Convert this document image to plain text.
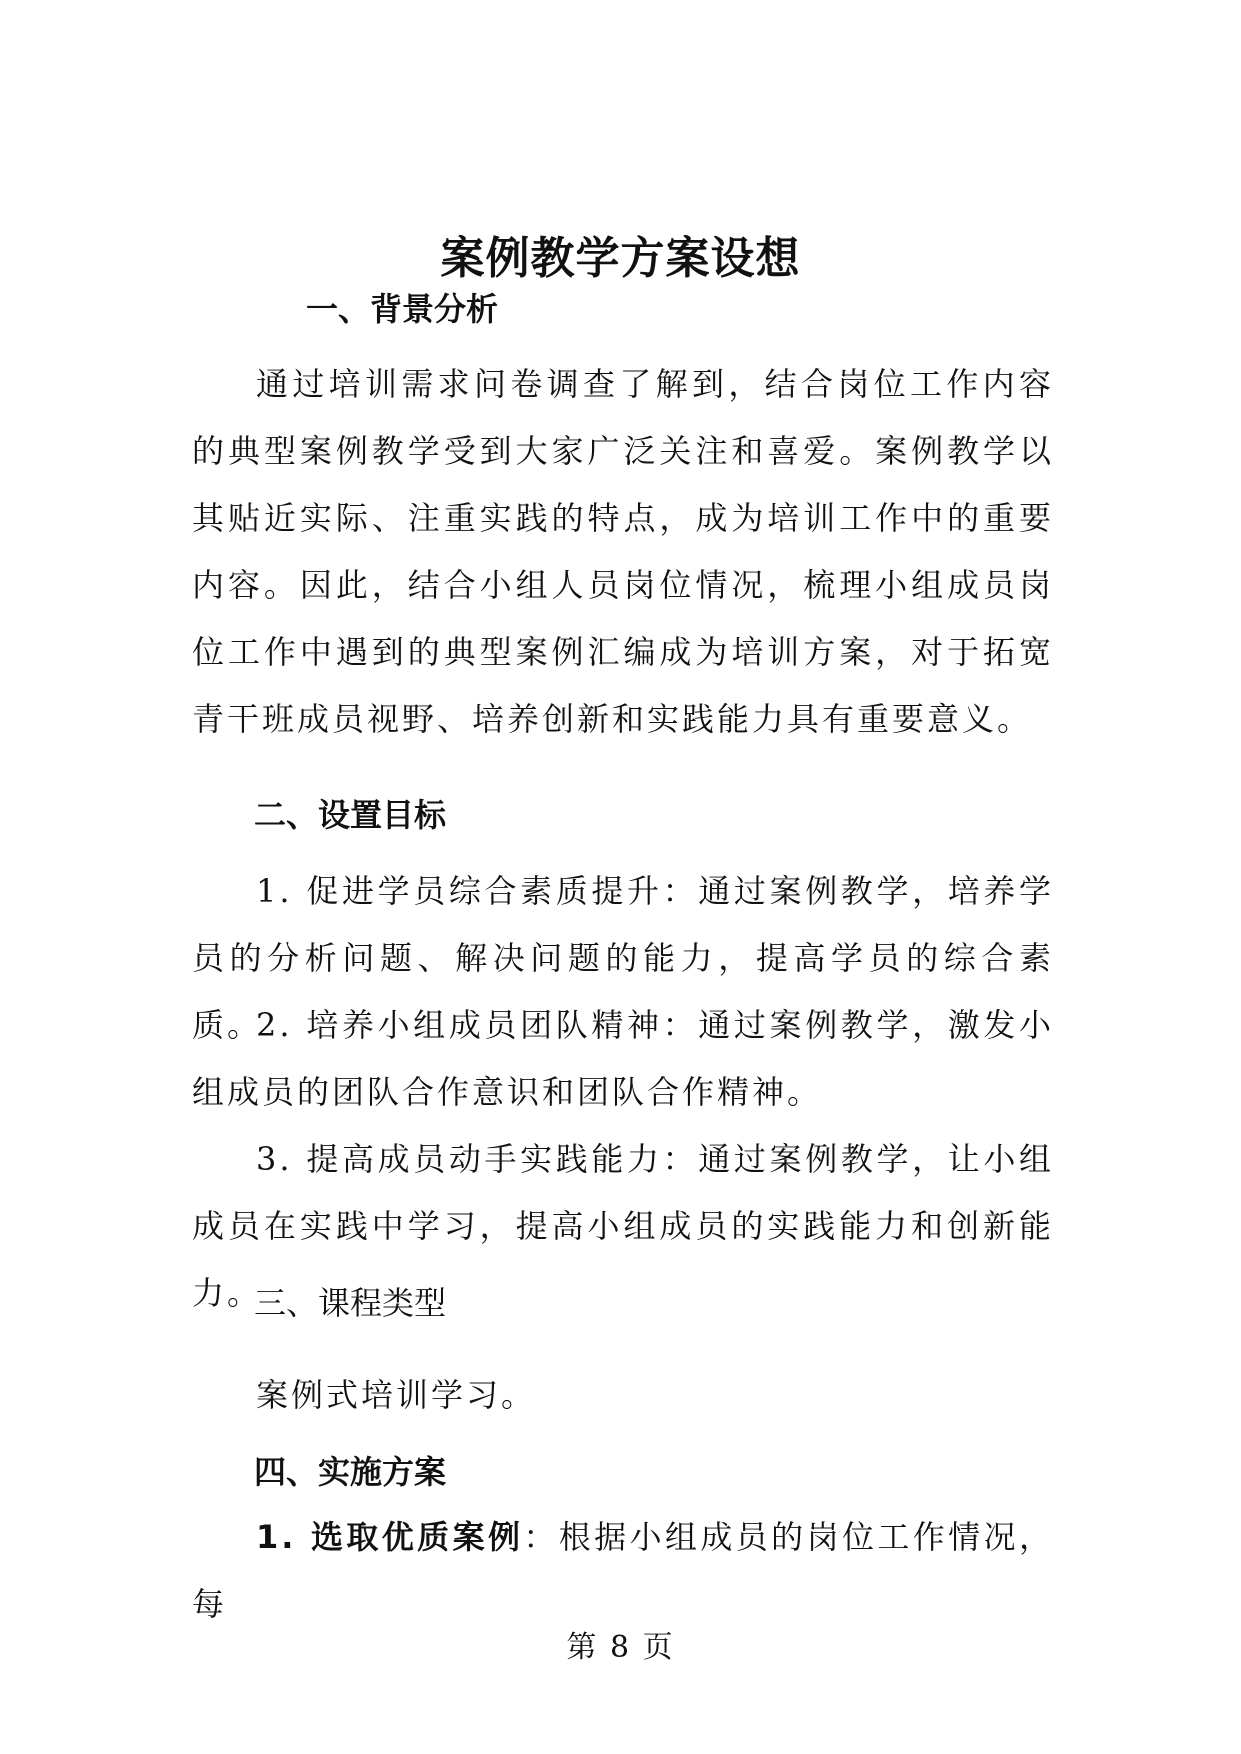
案例教学方案设想
一、背景分析
通过培训需求问卷调查了解到，结合岗位工作内容的典型案例教学受到大家广泛关注和喜爱。案例教学以其贴近实际、注重实践的特点，成为培训工作中的重要内容。因此，结合小组人员岗位情况，梳理小组成员岗位工作中遇到的典型案例汇编成为培训方案，对于拓宽青干班成员视野、培养创新和实践能力具有重要意义。
二、设置目标
1. 促进学员综合素质提升：通过案例教学，培养学员的分析问题、解决问题的能力，提高学员的综合素质。
2. 培养小组成员团队精神：通过案例教学，激发小组成员的团队合作意识和团队合作精神。
3. 提高成员动手实践能力：通过案例教学，让小组成员在实践中学习，提高小组成员的实践能力和创新能力。
三、课程类型
案例式培训学习。
四、实施方案
1. 选取优质案例：根据小组成员的岗位工作情况，每
第 8 页
